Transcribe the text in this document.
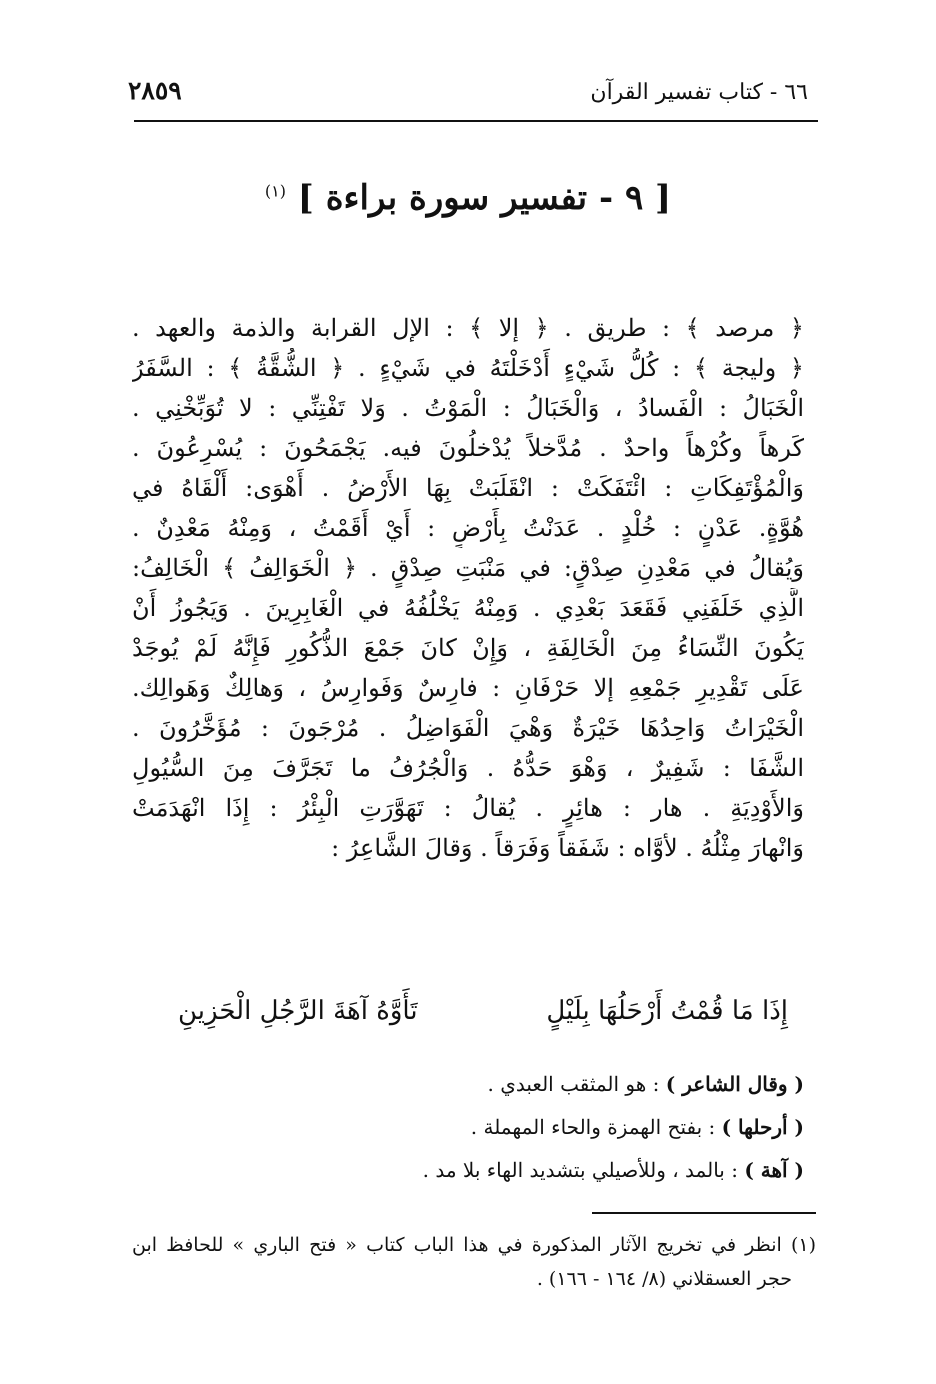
٦٦ - كتاب تفسير القرآن
٢٨٥٩
[ ٩ - تفسير سورة براءة ] $^{(١)}$
﴿ مرصد ﴾ : طريق . ﴿ إلا ﴾ : الإل القرابة والذمة والعهد .
﴿ وليجة ﴾ : كُلُّ شَيْءٍ أَدْخَلْتَهُ في شَيْءٍ . ﴿ الشُّقَّةُ ﴾ : السَّفَرُ
الْخَبَالُ : الْفَسادُ ، وَالْخَبَالُ : الْمَوْتُ . وَلا تَفْتِنِّي : لا تُوَبِّخْنِي .
كَرهاً وكُرْهاً واحدٌ . مُدَّخلاً يُدْخلُونَ فيه. يَجْمَحُونَ : يُسْرِعُونَ .
وَالْمُؤْتَفِكَاتِ : ائْتَفَكَتْ : انْقَلَبَتْ بِهَا الأَرْضُ . أَهْوَى: أَلْقَاهُ في
هُوَّةٍ. عَدْنٍ : خُلْدٍ . عَدَنْتُ بِأَرْضٍ : أَيْ أَقَمْتُ ، وَمِنْهُ مَعْدِنٌ .
وَيُقالُ في مَعْدِنِ صِدْقٍ: في مَنْبَتِ صِدْقٍ . ﴿ الْخَوَالِفُ ﴾ الْخَالِفُ:
الَّذِي خَلَفَنِي فَقَعَدَ بَعْدِي . وَمِنْهُ يَخْلُفُهُ في الْغَابِرِينَ . وَيَجُوزُ أَنْ
يَكُونَ النِّسَاءُ مِنَ الْخَالِفَةِ ، وَإِنْ كانَ جَمْعَ الذُّكُورِ فَإِنَّهُ لَمْ يُوجَدْ
عَلَى تَقْدِيرِ جَمْعِهِ إلا حَرْفَانِ : فارِسٌ وَفَوارِسُ ، وَهالِكٌ وَهَوالِك.
الْخَيْرَاتُ وَاحِدُهَا خَيْرَةٌ وَهْيَ الْفَوَاضِلُ . مُرْجَونَ : مُؤَخَّرُونَ .
الشَّفَا : شَفِيرٌ ، وَهْوَ حَدُّهُ . وَالْجُرُفُ ما تَجَرَّفَ مِنَ السُّيُولِ
وَالأَوْدِيَةِ . هار : هائِرٍ . يُقالُ : تَهَوَّرَتِ الْبِئْرُ : إِذَا انْهَدَمَتْ
وَانْهارَ مِثْلُهُ . لأوَّاه : شَفَقاً وَفَرَقاً . وَقالَ الشَّاعِرُ :
إِذَا مَا قُمْتُ أَرْحَلُهَا بِلَيْلٍ
تَأَوَّهُ آهَةَ الرَّجُلِ الْحَزِينِ
( وقال الشاعر ) : هو المثقب العبدي .
( أرحلها ) : بفتح الهمزة والحاء المهملة .
( آهة ) : بالمد ، وللأصيلي بتشديد الهاء بلا مد .
(١) انظر في تخريج الآثار المذكورة في هذا الباب كتاب « فتح الباري » للحافظ ابن
حجر العسقلاني (٨/ ١٦٤ - ١٦٦) .
